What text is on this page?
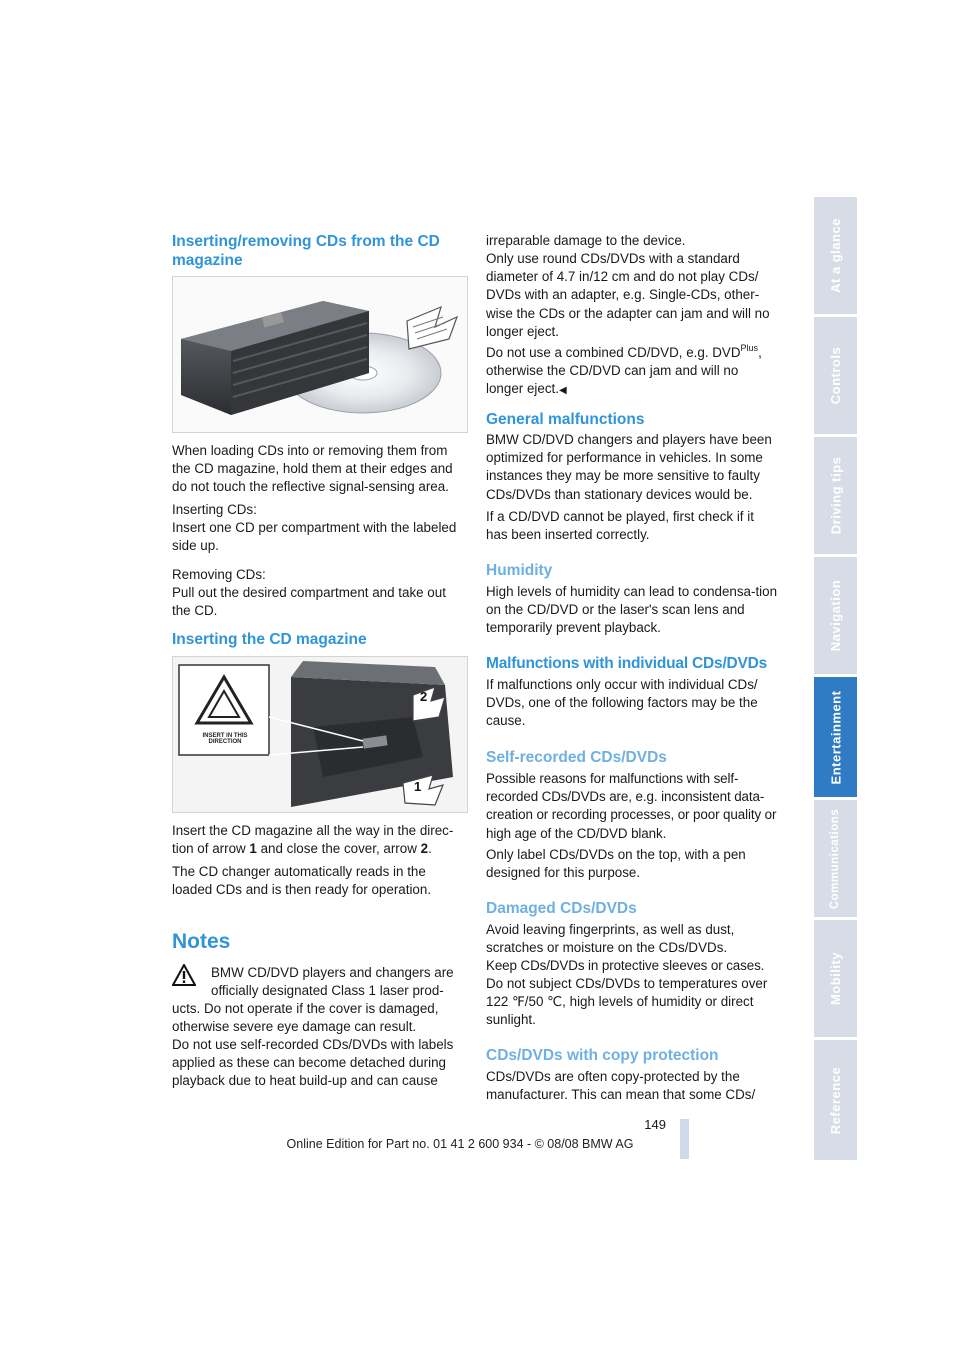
Inserting/removing CDs from the CD magazine

When loading CDs into or removing them from the CD magazine, hold them at their edges and do not touch the reflective signal-sensing area.

Inserting CDs:

Insert one CD per compartment with the labeled side up.

Removing CDs:

Pull out the desired compartment and take out the CD.

Inserting the CD magazine
INSERT IN THIS DIRECTION
2
1

Insert the CD magazine all the way in the direc-tion of arrow 1 and close the cover, arrow 2.

The CD changer automatically reads in the loaded CDs and is then ready for operation.

Notes

BMW CD/DVD players and changers are

officially designated Class 1 laser prod-

ucts. Do not operate if the cover is damaged, otherwise severe eye damage can result.

Do not use self-recorded CDs/DVDs with labels applied as these can become detached during playback due to heat build-up and can cause

irreparable damage to the device.

Only use round CDs/DVDs with a standard diameter of 4.7 in/12 cm and do not play CDs/ DVDs with an adapter, e.g. Single-CDs, other-wise the CDs or the adapter can jam and will no longer eject.

Do not use a combined CD/DVD, e.g. $DVD^{Plus}$, otherwise the CD/DVD can jam and will no longer eject.◀

General malfunctions

BMW CD/DVD changers and players have been optimized for performance in vehicles. In some instances they may be more sensitive to faulty CDs/DVDs than stationary devices would be.

If a CD/DVD cannot be played, first check if it has been inserted correctly.

Humidity

High levels of humidity can lead to condensa-tion on the CD/DVD or the laser's scan lens and temporarily prevent playback.

Malfunctions with individual CDs/DVDs

If malfunctions only occur with individual CDs/ DVDs, one of the following factors may be the cause.

Self-recorded CDs/DVDs

Possible reasons for malfunctions with self-recorded CDs/DVDs are, e.g. inconsistent data-creation or recording processes, or poor quality or high age of the CD/DVD blank.

Only label CDs/DVDs on the top, with a pen designed for this purpose.

Damaged CDs/DVDs

Avoid leaving fingerprints, as well as dust, scratches or moisture on the CDs/DVDs.

Keep CDs/DVDs in protective sleeves or cases.

Do not subject CDs/DVDs to temperatures over 122 ℉/50 ℃, high levels of humidity or direct sunlight.

CDs/DVDs with copy protection

CDs/DVDs are often copy-protected by the manufacturer. This can mean that some CDs/

At a glance
Controls
Driving tips
Navigation
Entertainment
Communications
Mobility
Reference
149
Online Edition for Part no. 01 41 2 600 934 - © 08/08 BMW AG
